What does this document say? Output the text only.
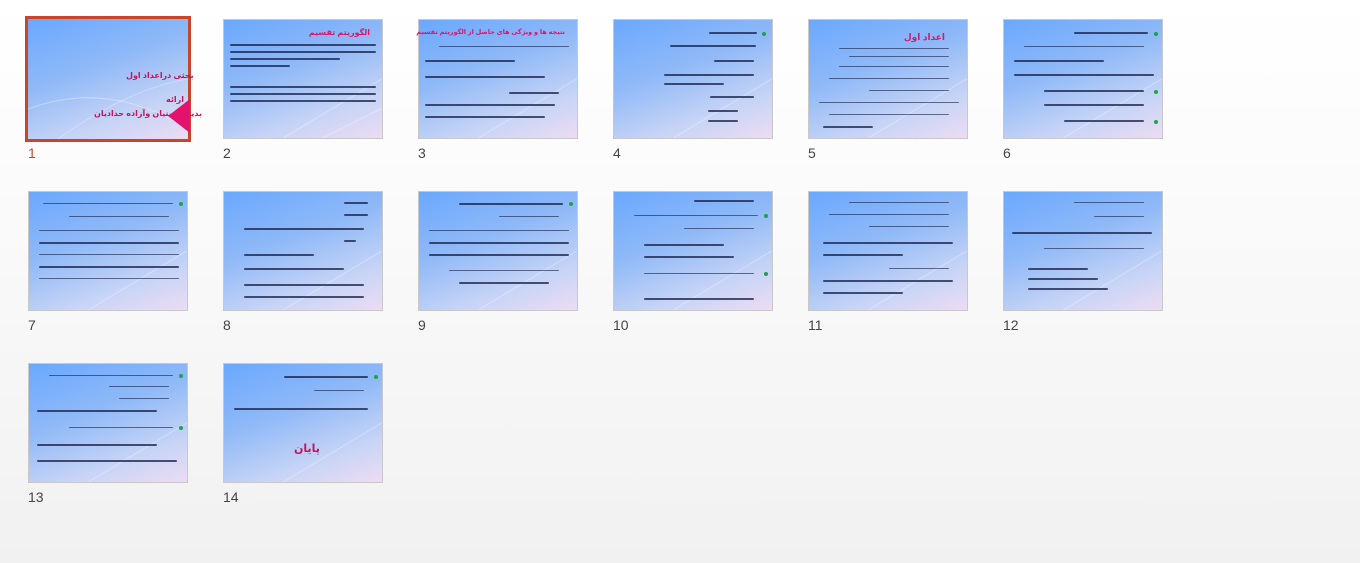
بحثی دراعداد اول
ارائه
بدیعه امینیان وآزاده حدادیان
1
الگوریتم تقسیم
2
نتیجه ها و ویژگی های حاصل از الگوریتم تقسیم
3	4
اعداد اول
5	6
7	8	9	10	11	12
13
پایان
14
